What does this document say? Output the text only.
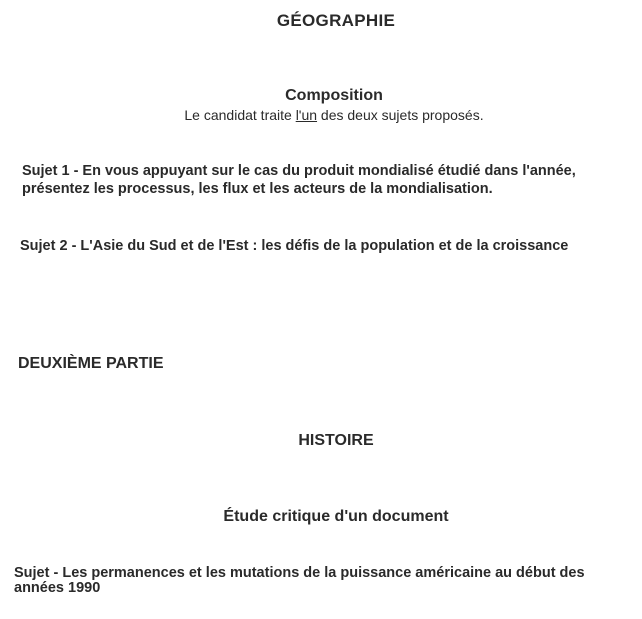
GÉOGRAPHIE
Composition
Le candidat traite l'un des deux sujets proposés.
Sujet 1 - En vous appuyant sur le cas du produit mondialisé étudié dans l'année,
présentez les processus, les flux et les acteurs de la mondialisation.
Sujet 2 - L'Asie du Sud et de l'Est : les défis de la population et de la croissance
DEUXIÈME PARTIE
HISTOIRE
Étude critique d'un document
Sujet - Les permanences et les mutations de la puissance américaine au début des
années 1990
